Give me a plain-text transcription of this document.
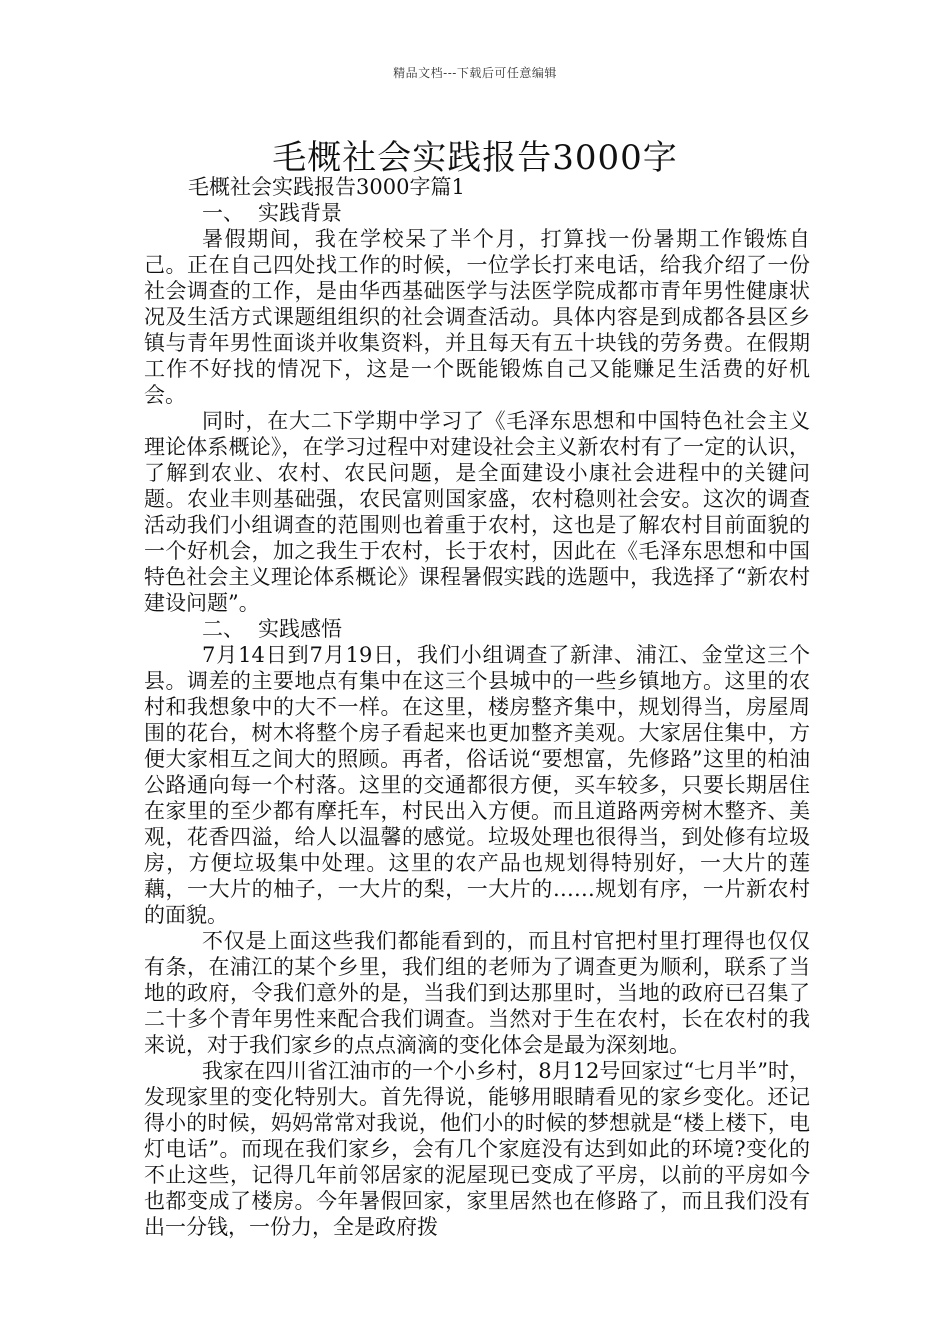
精品文档---下载后可任意编辑
毛概社会实践报告3000字

毛概社会实践报告3000字篇1

一、 实践背景

暑假期间，我在学校呆了半个月，打算找一份暑期工作锻炼自己。正在自己四处找工作的时候，一位学长打来电话，给我介绍了一份社会调查的工作，是由华西基础医学与法医学院成都市青年男性健康状况及生活方式课题组组织的社会调查活动。具体内容是到成都各县区乡镇与青年男性面谈并收集资料，并且每天有五十块钱的劳务费。在假期工作不好找的情况下，这是一个既能锻炼自己又能赚足生活费的好机会。

同时，在大二下学期中学习了《毛泽东思想和中国特色社会主义理论体系概论》，在学习过程中对建设社会主义新农村有了一定的认识，了解到农业、农村、农民问题，是全面建设小康社会进程中的关键问题。农业丰则基础强，农民富则国家盛，农村稳则社会安。这次的调查活动我们小组调查的范围则也着重于农村，这也是了解农村目前面貌的一个好机会，加之我生于农村，长于农村，因此在《毛泽东思想和中国特色社会主义理论体系概论》课程暑假实践的选题中，我选择了“新农村建设问题”。

二、 实践感悟

7月14日到7月19日，我们小组调查了新津、浦江、金堂这三个县。调差的主要地点有集中在这三个县城中的一些乡镇地方。这里的农村和我想象中的大不一样。在这里，楼房整齐集中，规划得当，房屋周围的花台，树木将整个房子看起来也更加整齐美观。大家居住集中，方便大家相互之间大的照顾。再者，俗话说“要想富，先修路”这里的柏油公路通向每一个村落。这里的交通都很方便，买车较多，只要长期居住在家里的至少都有摩托车，村民出入方便。而且道路两旁树木整齐、美观，花香四溢，给人以温馨的感觉。垃圾处理也很得当，到处修有垃圾房，方便垃圾集中处理。这里的农产品也规划得特别好，一大片的莲藕，一大片的柚子，一大片的梨，一大片的……规划有序，一片新农村的面貌。

不仅是上面这些我们都能看到的，而且村官把村里打理得也仅仅有条，在浦江的某个乡里，我们组的老师为了调查更为顺利，联系了当地的政府，令我们意外的是，当我们到达那里时，当地的政府已召集了二十多个青年男性来配合我们调查。当然对于生在农村，长在农村的我来说，对于我们家乡的点点滴滴的变化体会是最为深刻地。

我家在四川省江油市的一个小乡村，8月12号回家过“七月半”时，发现家里的变化特别大。首先得说，能够用眼睛看见的家乡变化。还记得小的时候，妈妈常常对我说，他们小的时候的梦想就是“楼上楼下，电灯电话”。而现在我们家乡，会有几个家庭没有达到如此的环境?变化的不止这些，记得几年前邻居家的泥屋现已变成了平房，以前的平房如今也都变成了楼房。今年暑假回家，家里居然也在修路了，而且我们没有出一分钱，一份力，全是政府拨
